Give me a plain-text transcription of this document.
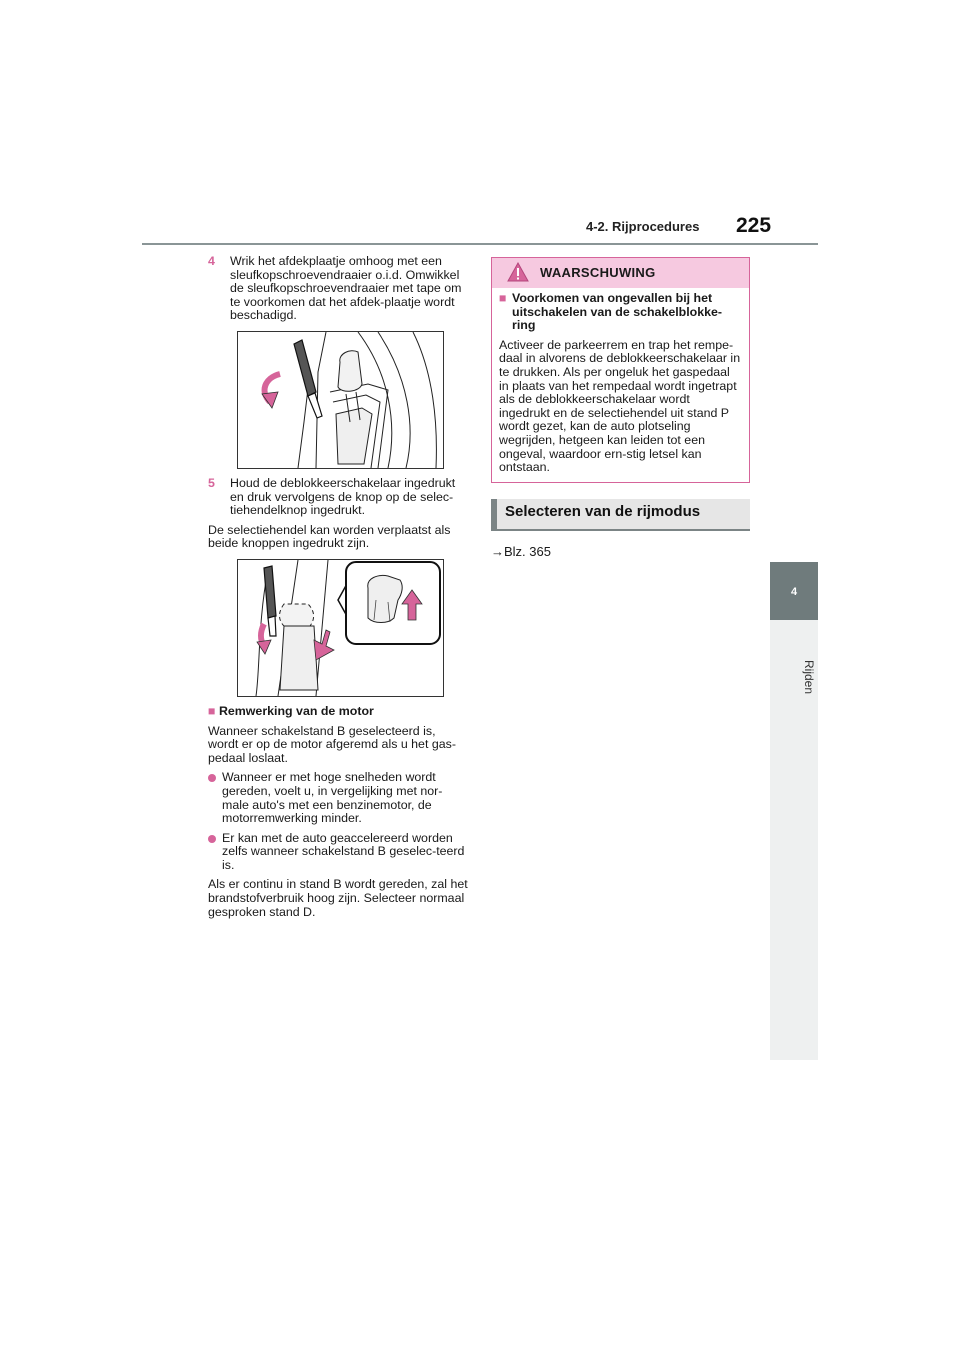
4-2. Rijprocedures 225
4
Rijden
4 Wrik het afdekplaatje omhoog met een sleufkopschroevendraaier o.i.d. Omwikkel de sleufkopschroevendraaier met tape om te voorkomen dat het afdek-plaatje wordt beschadigd.
5 Houd de deblokkeerschakelaar ingedrukt en druk vervolgens de knop op de selec-tiehendelknop ingedrukt.

De selectiehendel kan worden verplaatst als beide knoppen ingedrukt zijn.

■ Remwerking van de motor

Wanneer schakelstand B geselecteerd is, wordt er op de motor afgeremd als u het gas-pedaal loslaat.

Wanneer er met hoge snelheden wordt gereden, voelt u, in vergelijking met nor-male auto's met een benzinemotor, de motorremwerking minder.
Er kan met de auto geaccelereerd worden zelfs wanneer schakelstand B geselec-teerd is.

Als er continu in stand B wordt gereden, zal het brandstofverbruik hoog zijn. Selecteer normaal gesproken stand D.

WAARSCHUWING
■ Voorkomen van ongevallen bij het uitschakelen van de schakelblokke-ring

Activeer de parkeerrem en trap het rempe-daal in alvorens de deblokkeerschakelaar in te drukken. Als per ongeluk het gaspedaal in plaats van het rempedaal wordt ingetrapt als de deblokkeerschakelaar wordt ingedrukt en de selectiehendel uit stand P wordt gezet, kan de auto plotseling wegrijden, hetgeen kan leiden tot een ongeval, waardoor ern-stig letsel kan ontstaan.

Selecteren van de rijmodus
→Blz. 365
